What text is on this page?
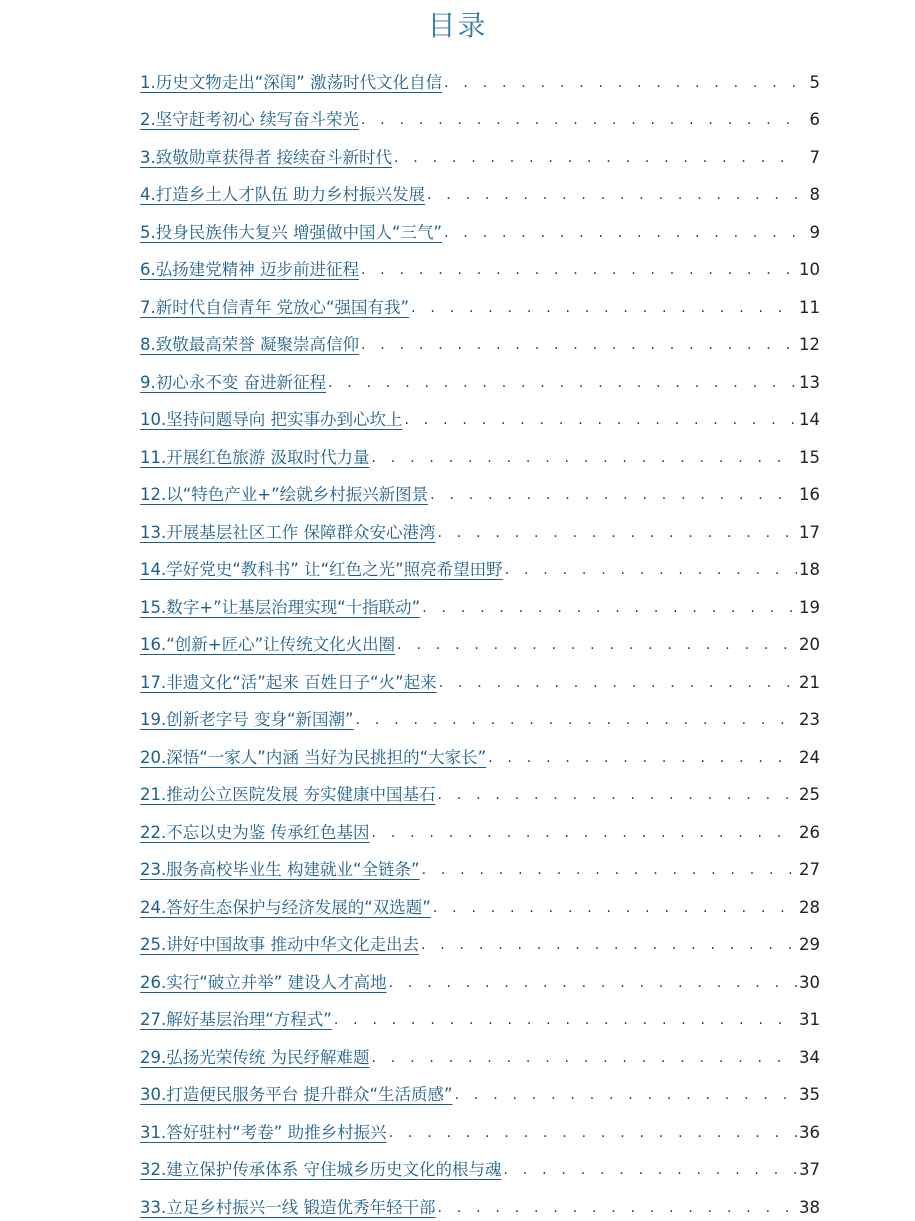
目录
1.历史文物走出“深闺” 激荡时代文化自信 . . .	5
2.坚守赶考初心 续写奋斗荣光 . . .	6
3.致敬勋章获得者 接续奋斗新时代 . . .	7
4.打造乡土人才队伍 助力乡村振兴发展 . . .	8
5.投身民族伟大复兴 增强做中国人“三气” . . .	9
6.弘扬建党精神 迈步前进征程 . . .	10
7.新时代自信青年 党放心“强国有我” . . .	11
8.致敬最高荣誉 凝聚崇高信仰 . . .	12
9.初心永不变 奋进新征程 . . .	13
10.坚持问题导向 把实事办到心坎上 . . .	14
11.开展红色旅游 汲取时代力量 . . .	15
12.以“特色产业+”绘就乡村振兴新图景 . . .	16
13.开展基层社区工作 保障群众安心港湾 . . .	17
14.学好党史“教科书” 让“红色之光”照亮希望田野 . . .	18
15.数字+”让基层治理实现“十指联动” . . .	19
16.“创新+匠心”让传统文化火出圈 . . .	20
17.非遗文化“活”起来 百姓日子“火”起来 . . .	21
19.创新老字号 变身“新国潮” . . .	23
20.深悟“一家人”内涵 当好为民挑担的“大家长” . . .	24
21.推动公立医院发展 夯实健康中国基石 . . .	25
22.不忘以史为鉴 传承红色基因 . . .	26
23.服务高校毕业生 构建就业“全链条” . . .	27
24.答好生态保护与经济发展的“双选题” . . .	28
25.讲好中国故事 推动中华文化走出去 . . .	29
26.实行“破立并举” 建设人才高地 . . .	30
27.解好基层治理“方程式” . . .	31
29.弘扬光荣传统 为民纾解难题 . . .	34
30.打造便民服务平台 提升群众“生活质感” . . .	35
31.答好驻村“考卷” 助推乡村振兴 . . .	36
32.建立保护传承体系 守住城乡历史文化的根与魂 . . .	37
33.立足乡村振兴一线 锻造优秀年轻干部 . . .	38
